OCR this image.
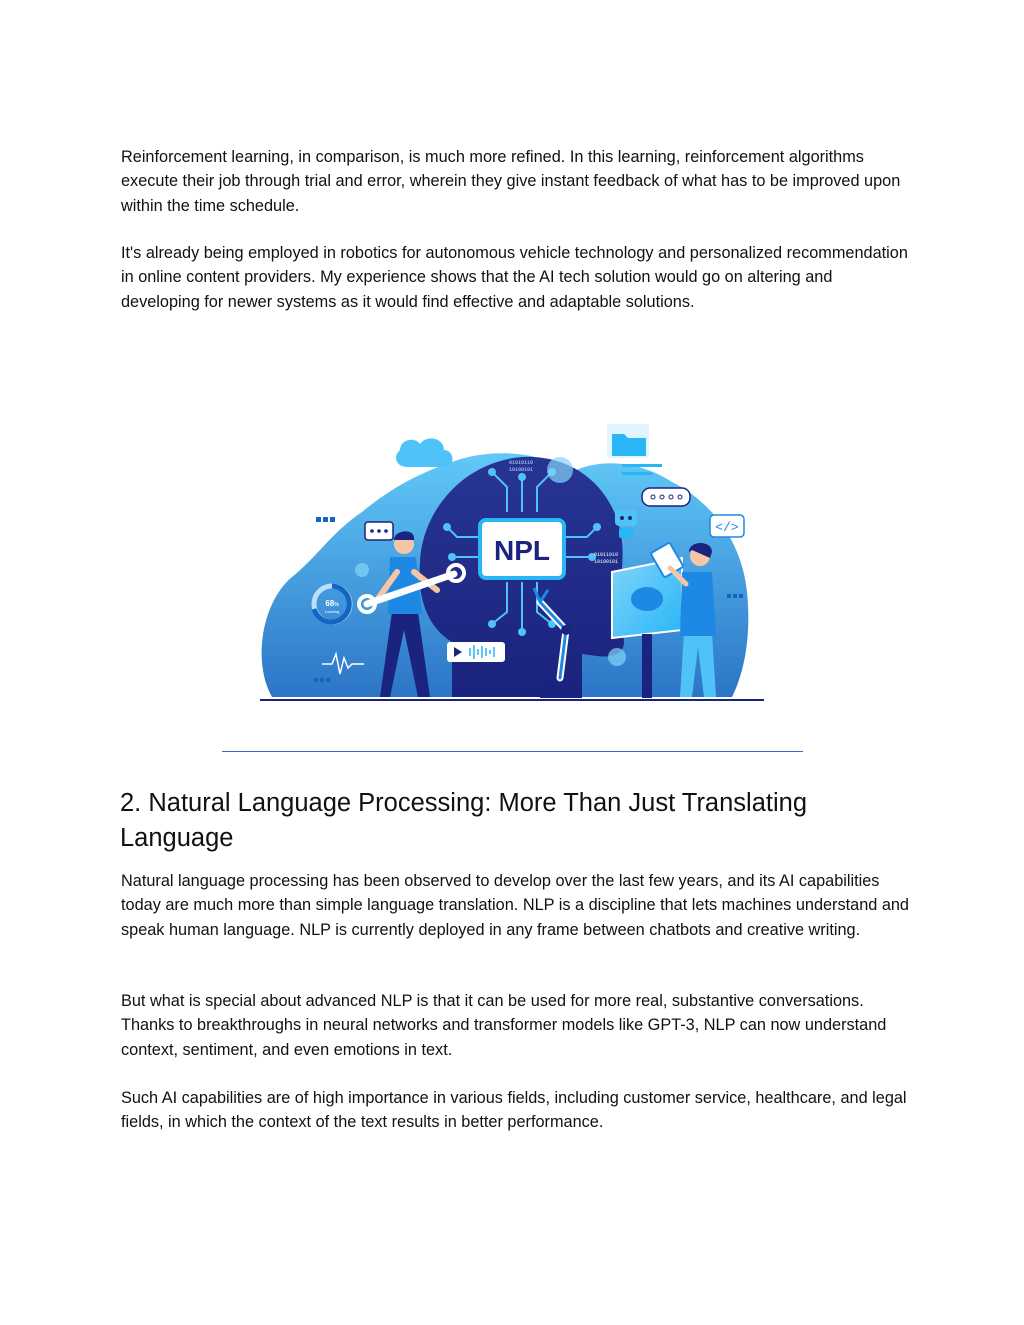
Reinforcement learning, in comparison, is much more refined. In this learning, reinforcement algorithms execute their job through trial and error, wherein they give instant feedback of what has to be improved upon within the time schedule.

It's already being employed in robotics for autonomous vehicle technology and personalized recommendation in online content providers. My experience shows that the AI tech solution would go on altering and developing for newer systems as it would find effective and adaptable solutions.

NPL
</>
01010110
10100101
01011010
10100101
68%
Loading
2. Natural Language Processing: More Than Just Translating Language

Natural language processing has been observed to develop over the last few years, and its AI capabilities today are much more than simple language translation. NLP is a discipline that lets machines understand and speak human language. NLP is currently deployed in any frame between chatbots and creative writing.

But what is special about advanced NLP is that it can be used for more real, substantive conversations. Thanks to breakthroughs in neural networks and transformer models like GPT-3, NLP can now understand context, sentiment, and even emotions in text.

Such AI capabilities are of high importance in various fields, including customer service, healthcare, and legal fields, in which the context of the text results in better performance.
